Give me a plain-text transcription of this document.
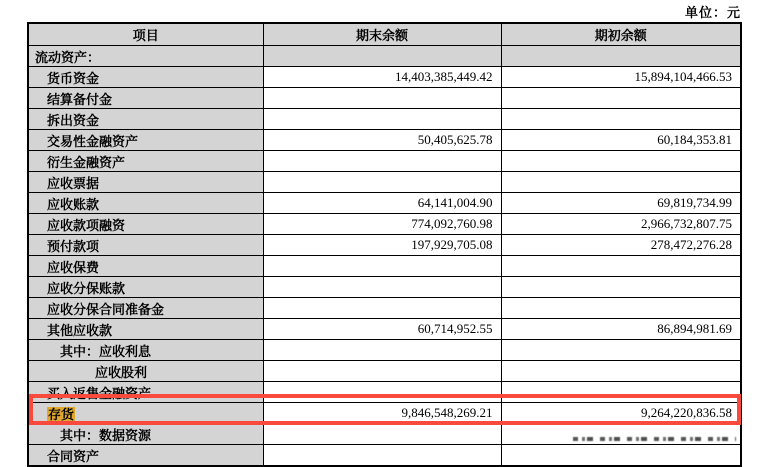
单位：元
项目	期末余额	期初余额
流动资产：		
货币资金	14,403,385,449.42	15,894,104,466.53
结算备付金		
拆出资金		
交易性金融资产	50,405,625.78	60,184,353.81
衍生金融资产		
应收票据		
应收账款	64,141,004.90	69,819,734.99
应收款项融资	774,092,760.98	2,966,732,807.75
预付款项	197,929,705.08	278,472,276.28
应收保费		
应收分保账款		
应收分保合同准备金		
其他应收款	60,714,952.55	86,894,981.69
其中：应收利息		
应收股利		
买入返售金融资产		
存货	9,846,548,269.21	9,264,220,836.58
其中：数据资源		
合同资产		
